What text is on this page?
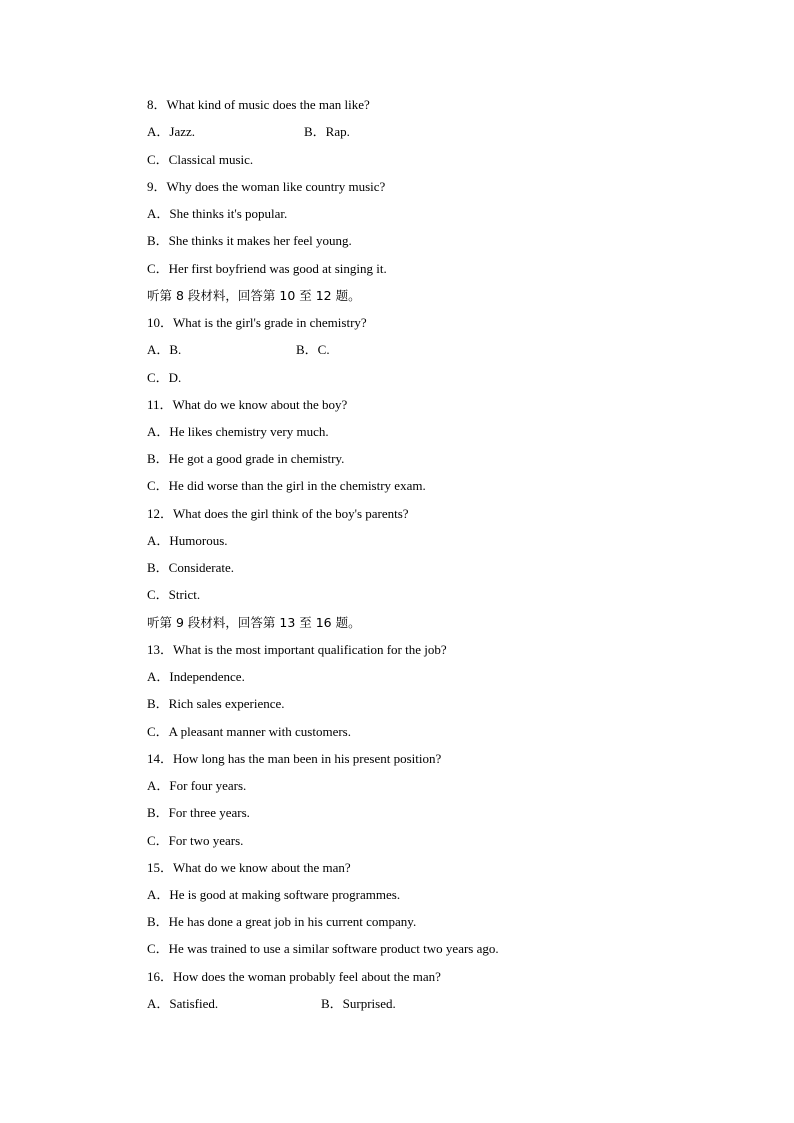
8．What kind of music does the man like?
A．Jazz.	B．Rap.
C．Classical music.
9．Why does the woman like country music?
A．She thinks it's popular.
B．She thinks it makes her feel young.
C．Her first boyfriend was good at singing it.
听第 8 段材料，回答第 10 至 12 题。
10．What is the girl's grade in chemistry?
A．B.	B．C.
C．D.
11．What do we know about the boy?
A．He likes chemistry very much.
B．He got a good grade in chemistry.
C．He did worse than the girl in the chemistry exam.
12．What does the girl think of the boy's parents?
A．Humorous.
B．Considerate.
C．Strict.
听第 9 段材料，回答第 13 至 16 题。
13．What is the most important qualification for the job?
A．Independence.
B．Rich sales experience.
C．A pleasant manner with customers.
14．How long has the man been in his present position?
A．For four years.
B．For three years.
C．For two years.
15．What do we know about the man?
A．He is good at making software programmes.
B．He has done a great job in his current company.
C．He was trained to use a similar software product two years ago.
16．How does the woman probably feel about the man?
A．Satisfied.	B．Surprised.
